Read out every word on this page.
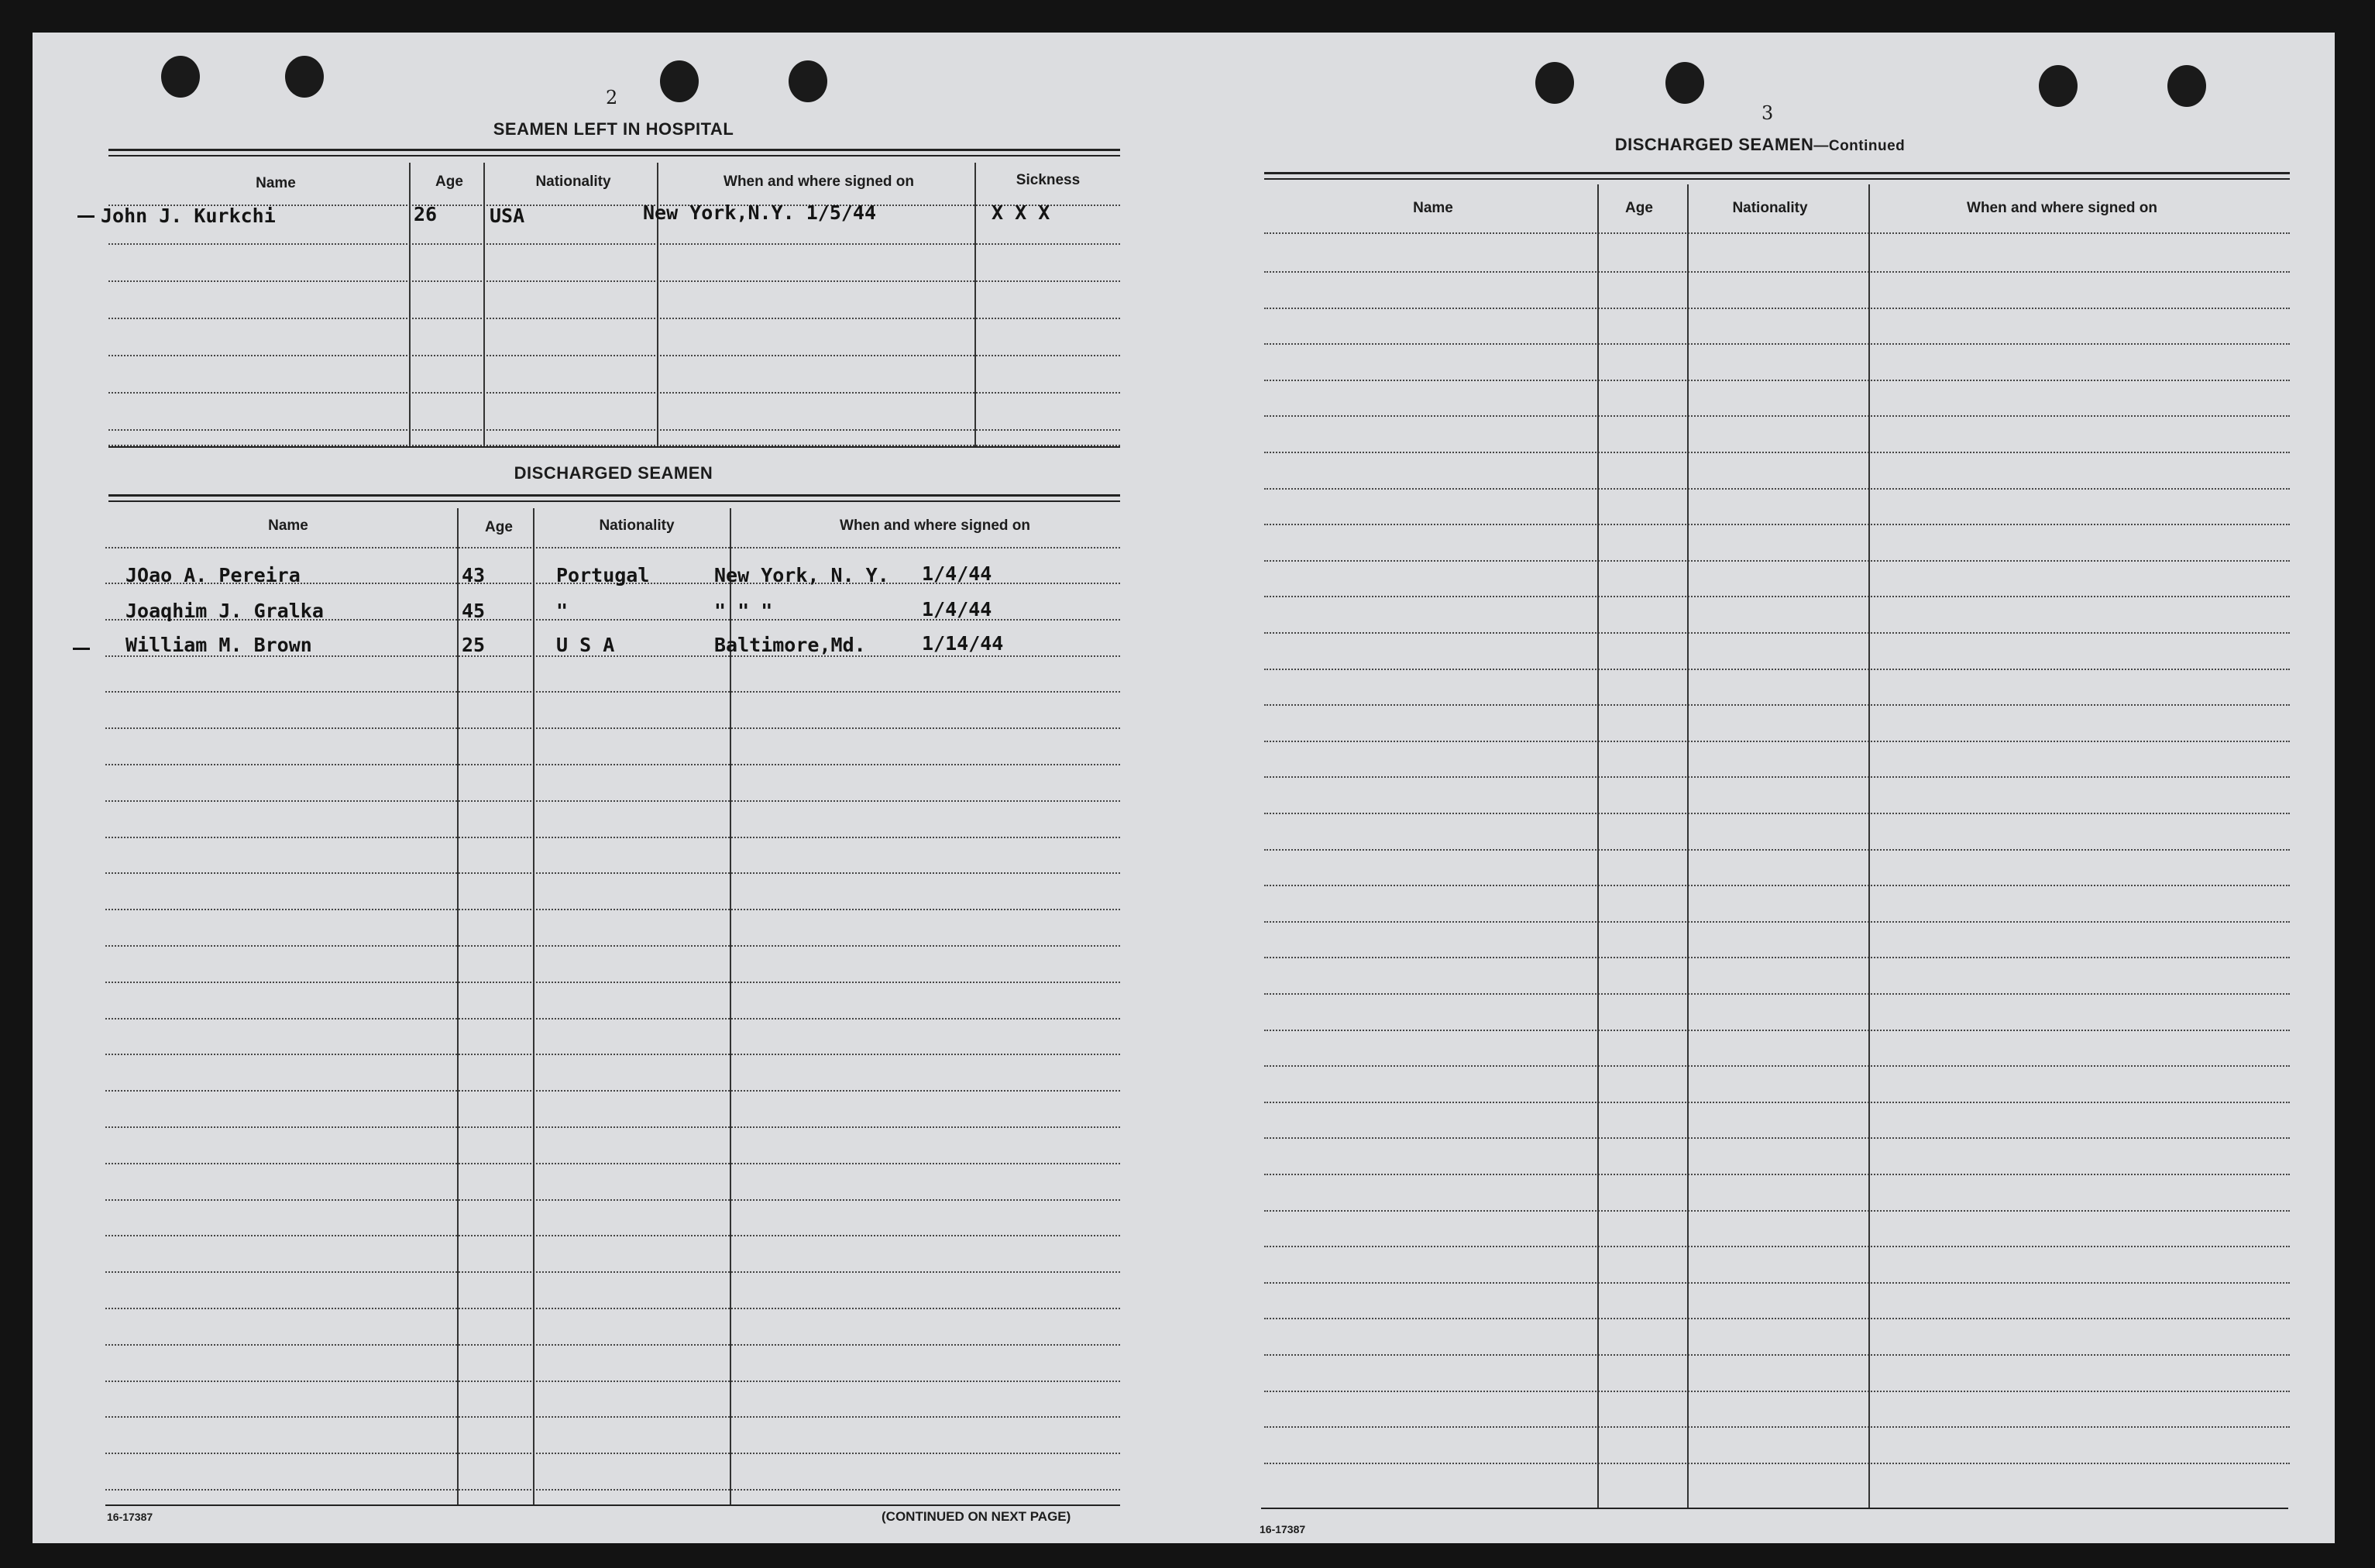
2
SEAMEN LEFT IN HOSPITAL
Name	Age	Nationality	When and where signed on	Sickness
John J. Kurkchi	26	USA	New York,N.Y. 1/5/44	X X X
DISCHARGED SEAMEN
Name	Age	Nationality	When and where signed on
JOao A. Pereira	43	Portugal	New York, N. Y. 1/4/44
Joaqhim J. Gralka	45	"	" " "	1/4/44
William M. Brown	25	U S A	Baltimore,Md.	1/14/44
16-17387	(CONTINUED ON NEXT PAGE)
3
DISCHARGED SEAMEN—Continued
Name	Age	Nationality	When and where signed on
16-17387
